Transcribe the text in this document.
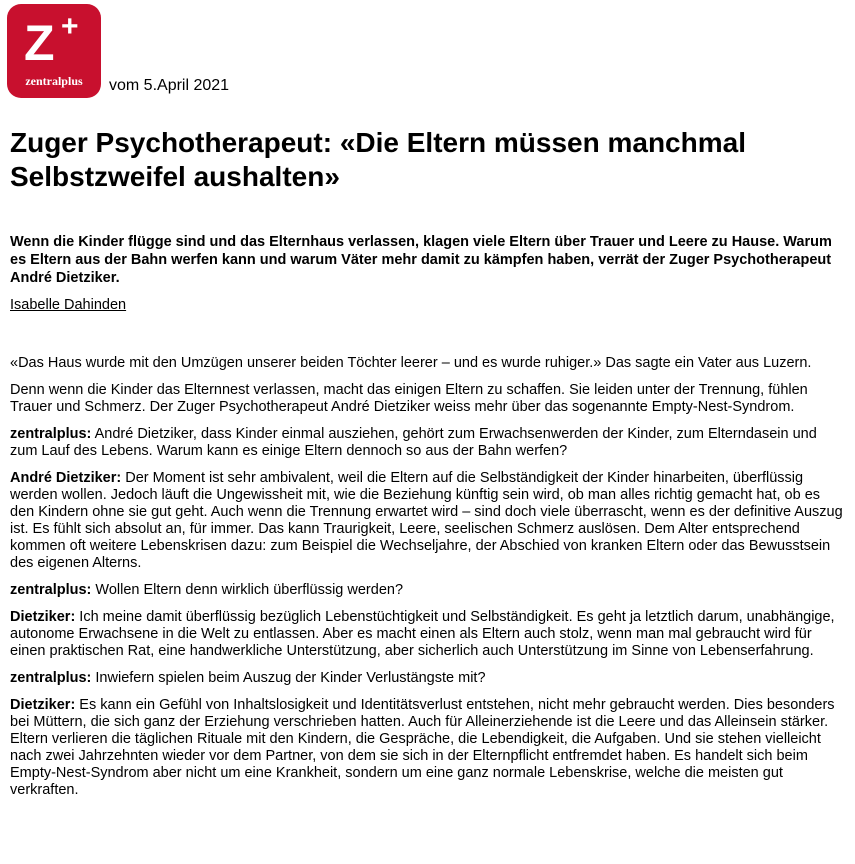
Z +
zentralplus	vom 5.April 2021
Zuger Psychotherapeut: «Die Eltern müssen manchmal Selbstzweifel aushalten»

Wenn die Kinder flügge sind und das Elternhaus verlassen, klagen viele Eltern über Trauer und Leere zu Hause. Warum es Eltern aus der Bahn werfen kann und warum Väter mehr damit zu kämpfen haben, verrät der Zuger Psychotherapeut André Dietziker.

Isabelle Dahinden

«Das Haus wurde mit den Umzügen unserer beiden Töchter leerer – und es wurde ruhiger.» Das sagte ein Vater aus Luzern.

Denn wenn die Kinder das Elternnest verlassen, macht das einigen Eltern zu schaffen. Sie leiden unter der Trennung, fühlen Trauer und Schmerz. Der Zuger Psychotherapeut André Dietziker weiss mehr über das sogenannte Empty-Nest-Syndrom.

zentralplus: André Dietziker, dass Kinder einmal ausziehen, gehört zum Erwachsenwerden der Kinder, zum Elterndasein und zum Lauf des Lebens. Warum kann es einige Eltern dennoch so aus der Bahn werfen?

André Dietziker: Der Moment ist sehr ambivalent, weil die Eltern auf die Selbständigkeit der Kinder hinarbeiten, überflüssig werden wollen. Jedoch läuft die Ungewissheit mit, wie die Beziehung künftig sein wird, ob man alles richtig gemacht hat, ob es den Kindern ohne sie gut geht. Auch wenn die Trennung erwartet wird – sind doch viele überrascht, wenn es der definitive Auszug ist. Es fühlt sich absolut an, für immer. Das kann Traurigkeit, Leere, seelischen Schmerz auslösen. Dem Alter entsprechend kommen oft weitere Lebenskrisen dazu: zum Beispiel die Wechseljahre, der Abschied von kranken Eltern oder das Bewusstsein des eigenen Alterns.

zentralplus: Wollen Eltern denn wirklich überflüssig werden?

Dietziker: Ich meine damit überflüssig bezüglich Lebenstüchtigkeit und Selbständigkeit. Es geht ja letztlich darum, unabhängige, autonome Erwachsene in die Welt zu entlassen. Aber es macht einen als Eltern auch stolz, wenn man mal gebraucht wird für einen praktischen Rat, eine handwerkliche Unterstützung, aber sicherlich auch Unterstützung im Sinne von Lebenserfahrung.

zentralplus: Inwiefern spielen beim Auszug der Kinder Verlustängste mit?

Dietziker: Es kann ein Gefühl von Inhaltslosigkeit und Identitätsverlust entstehen, nicht mehr gebraucht werden. Dies besonders bei Müttern, die sich ganz der Erziehung verschrieben hatten. Auch für Alleinerziehende ist die Leere und das Alleinsein stärker. Eltern verlieren die täglichen Rituale mit den Kindern, die Gespräche, die Lebendigkeit, die Aufgaben. Und sie stehen vielleicht nach zwei Jahrzehnten wieder vor dem Partner, von dem sie sich in der Elternpflicht entfremdet haben. Es handelt sich beim Empty-Nest-Syndrom aber nicht um eine Krankheit, sondern um eine ganz normale Lebenskrise, welche die meisten gut verkraften.
